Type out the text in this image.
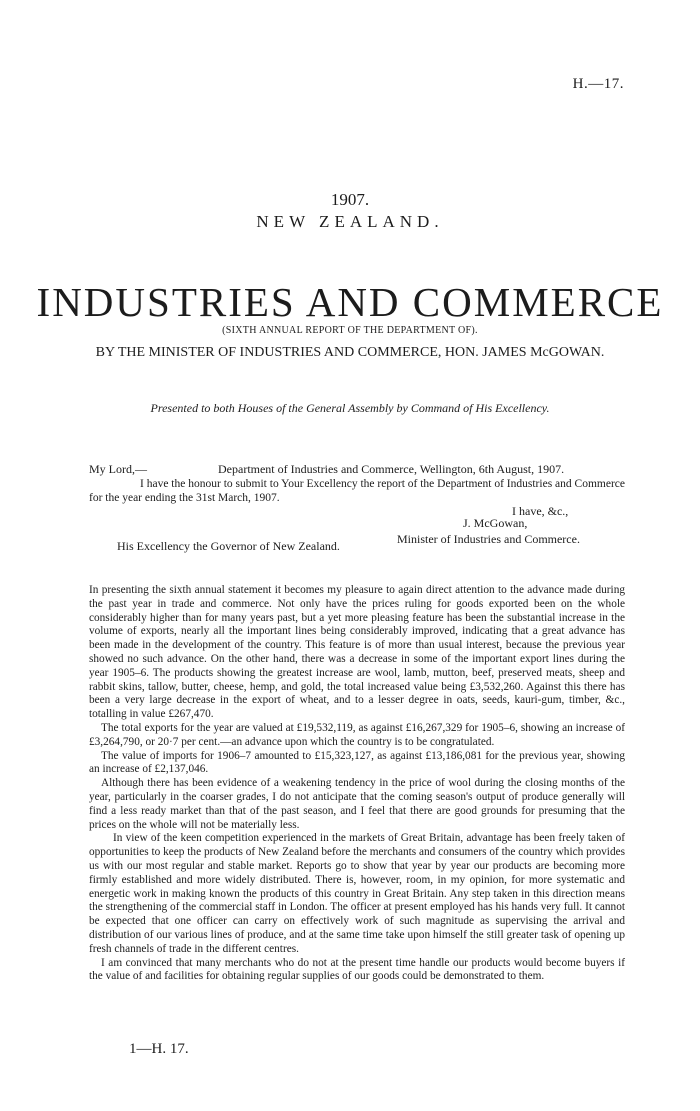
H.—17.
1907.
NEW ZEALAND.
INDUSTRIES AND COMMERCE
(SIXTH ANNUAL REPORT OF THE DEPARTMENT OF).
BY THE MINISTER OF INDUSTRIES AND COMMERCE, HON. JAMES McGOWAN.
Presented to both Houses of the General Assembly by Command of His Excellency.
My Lord,—	Department of Industries and Commerce, Wellington, 6th August, 1907.
I have the honour to submit to Your Excellency the report of the Department of Industries and Commerce for the year ending the 31st March, 1907.
I have, &c.,
J. McGowan,
Minister of Industries and Commerce.
His Excellency the Governor of New Zealand.

In presenting the sixth annual statement it becomes my pleasure to again direct attention to the advance made during the past year in trade and commerce. Not only have the prices ruling for goods exported been on the whole considerably higher than for many years past, but a yet more pleasing feature has been the substantial increase in the volume of exports, nearly all the important lines being considerably improved, indicating that a great advance has been made in the development of the country. This feature is of more than usual interest, because the previous year showed no such advance. On the other hand, there was a decrease in some of the important export lines during the year 1905–6. The products showing the greatest increase are wool, lamb, mutton, beef, preserved meats, sheep and rabbit skins, tallow, butter, cheese, hemp, and gold, the total increased value being £3,532,260. Against this there has been a very large decrease in the export of wheat, and to a lesser degree in oats, seeds, kauri-gum, timber, &c., totalling in value £267,470.

The total exports for the year are valued at £19,532,119, as against £16,267,329 for 1905–6, showing an increase of £3,264,790, or 20·7 per cent.—an advance upon which the country is to be congratulated.

The value of imports for 1906–7 amounted to £15,323,127, as against £13,186,081 for the previous year, showing an increase of £2,137,046.

Although there has been evidence of a weakening tendency in the price of wool during the closing months of the year, particularly in the coarser grades, I do not anticipate that the coming season's output of produce generally will find a less ready market than that of the past season, and I feel that there are good grounds for presuming that the prices on the whole will not be materially less.

In view of the keen competition experienced in the markets of Great Britain, advantage has been freely taken of opportunities to keep the products of New Zealand before the merchants and consumers of the country which provides us with our most regular and stable market. Reports go to show that year by year our products are becoming more firmly established and more widely distributed. There is, however, room, in my opinion, for more systematic and energetic work in making known the products of this country in Great Britain. Any step taken in this direction means the strengthening of the commercial staff in London. The officer at present employed has his hands very full. It cannot be expected that one officer can carry on effectively work of such magnitude as supervising the arrival and distribution of our various lines of produce, and at the same time take upon himself the still greater task of opening up fresh channels of trade in the different centres.

I am convinced that many merchants who do not at the present time handle our products would become buyers if the value of and facilities for obtaining regular supplies of our goods could be demonstrated to them.

1—H. 17.
